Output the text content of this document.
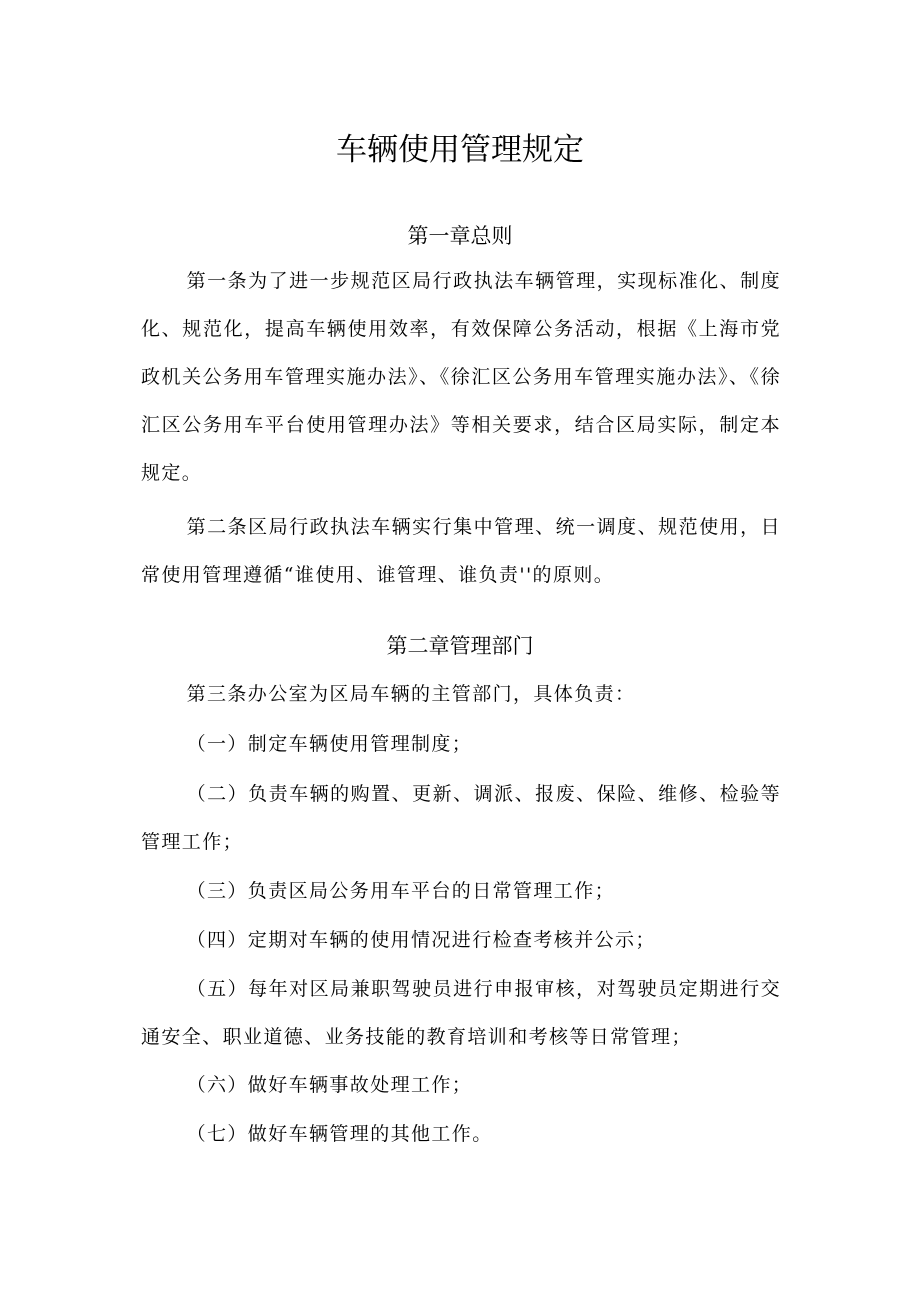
车辆使用管理规定
第一章总则

第一条为了进一步规范区局行政执法车辆管理，实现标准化、制度化、规范化，提高车辆使用效率，有效保障公务活动，根据《上海市党政机关公务用车管理实施办法》、《徐汇区公务用车管理实施办法》、《徐汇区公务用车平台使用管理办法》等相关要求，结合区局实际，制定本规定。

第二条区局行政执法车辆实行集中管理、统一调度、规范使用，日常使用管理遵循“谁使用、谁管理、谁负责''的原则。

第二章管理部门

第三条办公室为区局车辆的主管部门，具体负责：

（一）制定车辆使用管理制度；

（二）负责车辆的购置、更新、调派、报废、保险、维修、检验等管理工作；

（三）负责区局公务用车平台的日常管理工作；

（四）定期对车辆的使用情况进行检查考核并公示；

（五）每年对区局兼职驾驶员进行申报审核，对驾驶员定期进行交通安全、职业道德、业务技能的教育培训和考核等日常管理；

（六）做好车辆事故处理工作；

（七）做好车辆管理的其他工作。
